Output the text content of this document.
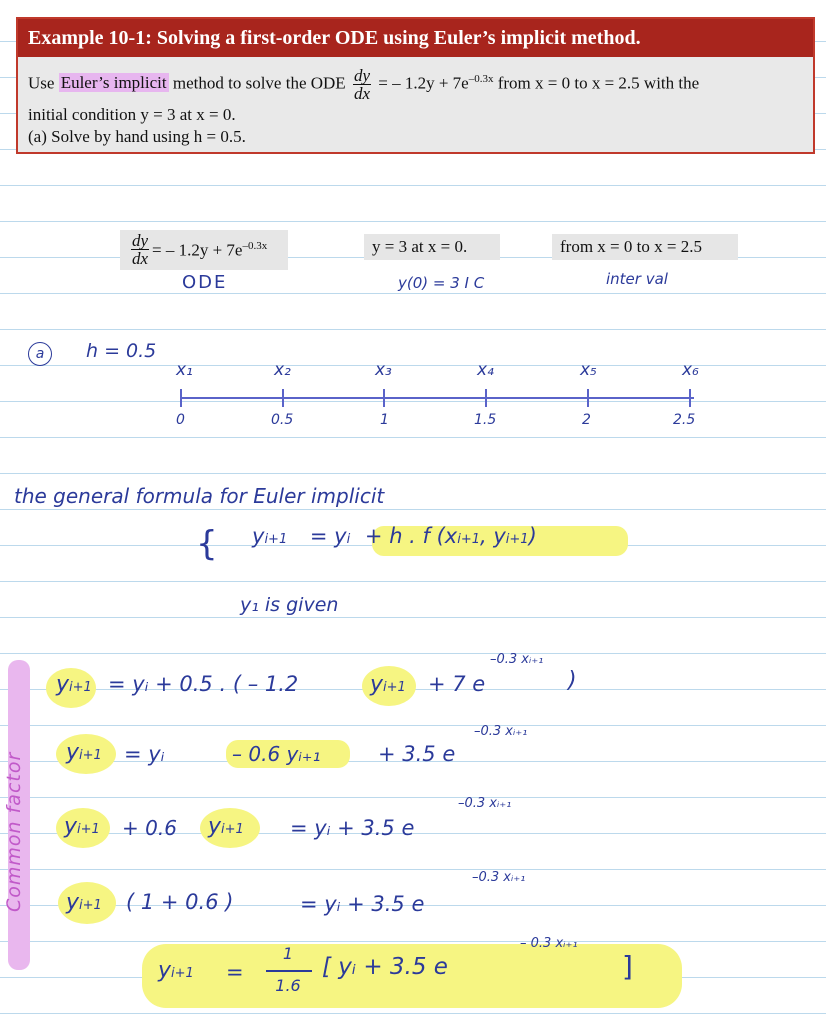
Example 10-1: Solving a first-order ODE using Euler’s implicit method.
Use Euler’s implicit method to solve the ODE $\frac{dy}{dx}$ = – $1.2y + 7e^{-0.3x}$ from x = 0 to x = 2.5 with the
initial condition y = 3 at x = 0.
(a) Solve by hand using h = 0.5.
$\frac{dy}{dx}$ = – $1.2y + 7e^{-0.3x}$	y = 3 at x = 0.	from x = 0 to x = 2.5
ODE	y(0) = 3 I C	inter val
a	h = 0.5
x₁	x₂	x₃	x₄	x₅	x₆
0	0.5	1	1.5	2	2.5
the general formula for Euler implicit
{ yi+1 = yi + h . f (xi+1, yi+1)
y₁ is given
Common factor
yi+1 = yᵢ + 0.5 . ( – 1.2	yi+1 + 7 e
–0.3 xᵢ₊₁
)
yi+1 = yᵢ	– 0.6 yᵢ₊₁	+ 3.5 e
–0.3 xᵢ₊₁
yi+1 + 0.6 yi+1 = yᵢ + 3.5 e
–0.3 xᵢ₊₁
yi+1 ( 1 + 0.6 )	= yᵢ + 3.5 e
–0.3 xᵢ₊₁
yi+1 =
1
1.6
[ yᵢ + 3.5 e
– 0.3 xᵢ₊₁
]
